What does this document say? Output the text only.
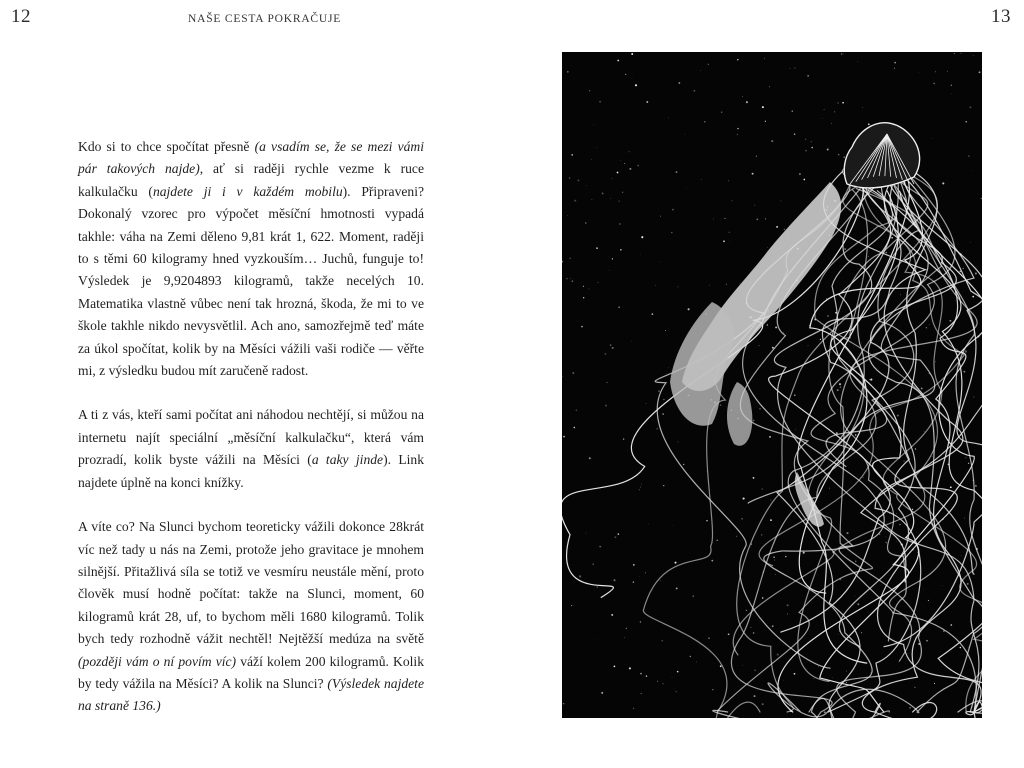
12	NAŠE CESTA POKRAČUJE	13

Kdo si to chce spočítat přesně (a vsadím se, že se mezi vámi pár takových najde), ať si raději rychle vezme k ruce kalkulačku (najdete ji i v každém mobilu). Připraveni? Dokonalý vzorec pro výpočet měsíční hmotnosti vypadá takhle: váha na Zemi děleno 9,81 krát 1, 622. Moment, raději to s těmi 60 kilogramy hned vyzkouším… Juchů, funguje to! Výsledek je 9,9204893 kilogramů, takže necelých 10. Matematika vlastně vůbec není tak hrozná, škoda, že mi to ve škole takhle nikdo nevysvětlil. Ach ano, samozřejmě teď máte za úkol spočítat, kolik by na Měsíci vážili vaši rodiče — věřte mi, z výsledku budou mít zaručeně radost.

A ti z vás, kteří sami počítat ani náhodou nechtějí, si můžou na internetu najít speciální „měsíční kalkulačku“, která vám prozradí, kolik byste vážili na Měsíci (a taky jinde). Link najdete úplně na konci knížky.

A víte co? Na Slunci bychom teoreticky vážili dokonce 28krát víc než tady u nás na Zemi, protože jeho gravitace je mnohem silnější. Přitažlivá síla se totiž ve vesmíru neustále mění, proto člověk musí hodně počítat: takže na Slunci, moment, 60 kilogramů krát 28, uf, to bychom měli 1680 kilogramů. Tolik bych tedy rozhodně vážit nechtěl! Nejtěžší medúza na světě (později vám o ní povím víc) váží kolem 200 kilogramů. Kolik by tedy vážila na Měsíci? A kolik na Slunci? (Výsledek najdete na straně 136.)
